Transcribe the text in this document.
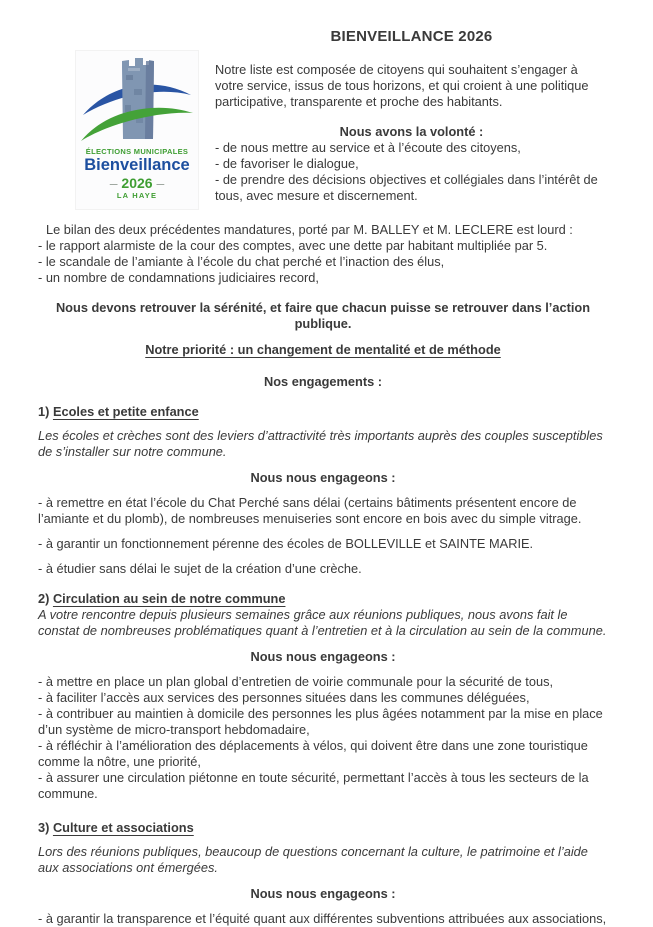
ÉLECTIONS MUNICIPALES
Bienveillance
– 2026 –
LA HAYE
BIENVEILLANCE 2026

Notre liste est composée de citoyens qui souhaitent s’engager à votre service, issus de tous horizons, et qui croient à une politique participative, transparente et proche des habitants.

Nous avons la volonté :
- de nous mettre au service et à l’écoute des citoyens,
- de favoriser le dialogue,
- de prendre des décisions objectives et collégiales dans l’intérêt de tous, avec mesure et discernement.
Le bilan des deux précédentes mandatures, porté par M. BALLEY et M. LECLERE est lourd :
- le rapport alarmiste de la cour des comptes, avec une dette par habitant multipliée par 5.
- le scandale de l’amiante à l’école du chat perché et l’inaction des élus,
- un nombre de condamnations judiciaires record,
Nous devons retrouver la sérénité, et faire que chacun puisse se retrouver dans l’action publique.
Notre priorité : un changement de mentalité et de méthode
Nos engagements :
1) Ecoles et petite enfance

Les écoles et crèches sont des leviers d’attractivité très importants auprès des couples susceptibles de s’installer sur notre commune.

Nous nous engageons :
- à remettre en état l’école du Chat Perché sans délai (certains bâtiments présentent encore de l’amiante et du plomb), de nombreuses menuiseries sont encore en bois avec du simple vitrage.
- à garantir un fonctionnement pérenne des écoles de BOLLEVILLE et SAINTE MARIE.
- à étudier sans délai le sujet de la création d’une crèche.
2) Circulation au sein de notre commune

A votre rencontre depuis plusieurs semaines grâce aux réunions publiques, nous avons fait le constat de nombreuses problématiques quant à l’entretien et à la circulation au sein de la commune.

Nous nous engageons :
- à mettre en place un plan global d’entretien de voirie communale pour la sécurité de tous,
- à faciliter l’accès aux services des personnes situées dans les communes déléguées,
- à contribuer au maintien à domicile des personnes les plus âgées notamment par la mise en place d’un système de micro-transport hebdomadaire,
- à réfléchir à l’amélioration des déplacements à vélos, qui doivent être dans une zone touristique comme la nôtre, une priorité,
- à assurer une circulation piétonne en toute sécurité, permettant l’accès à tous les secteurs de la commune.
3) Culture et associations

Lors des réunions publiques, beaucoup de questions concernant la culture, le patrimoine et l’aide aux associations ont émergées.

Nous nous engageons :
- à garantir la transparence et l’équité quant aux différentes subventions attribuées aux associations,
